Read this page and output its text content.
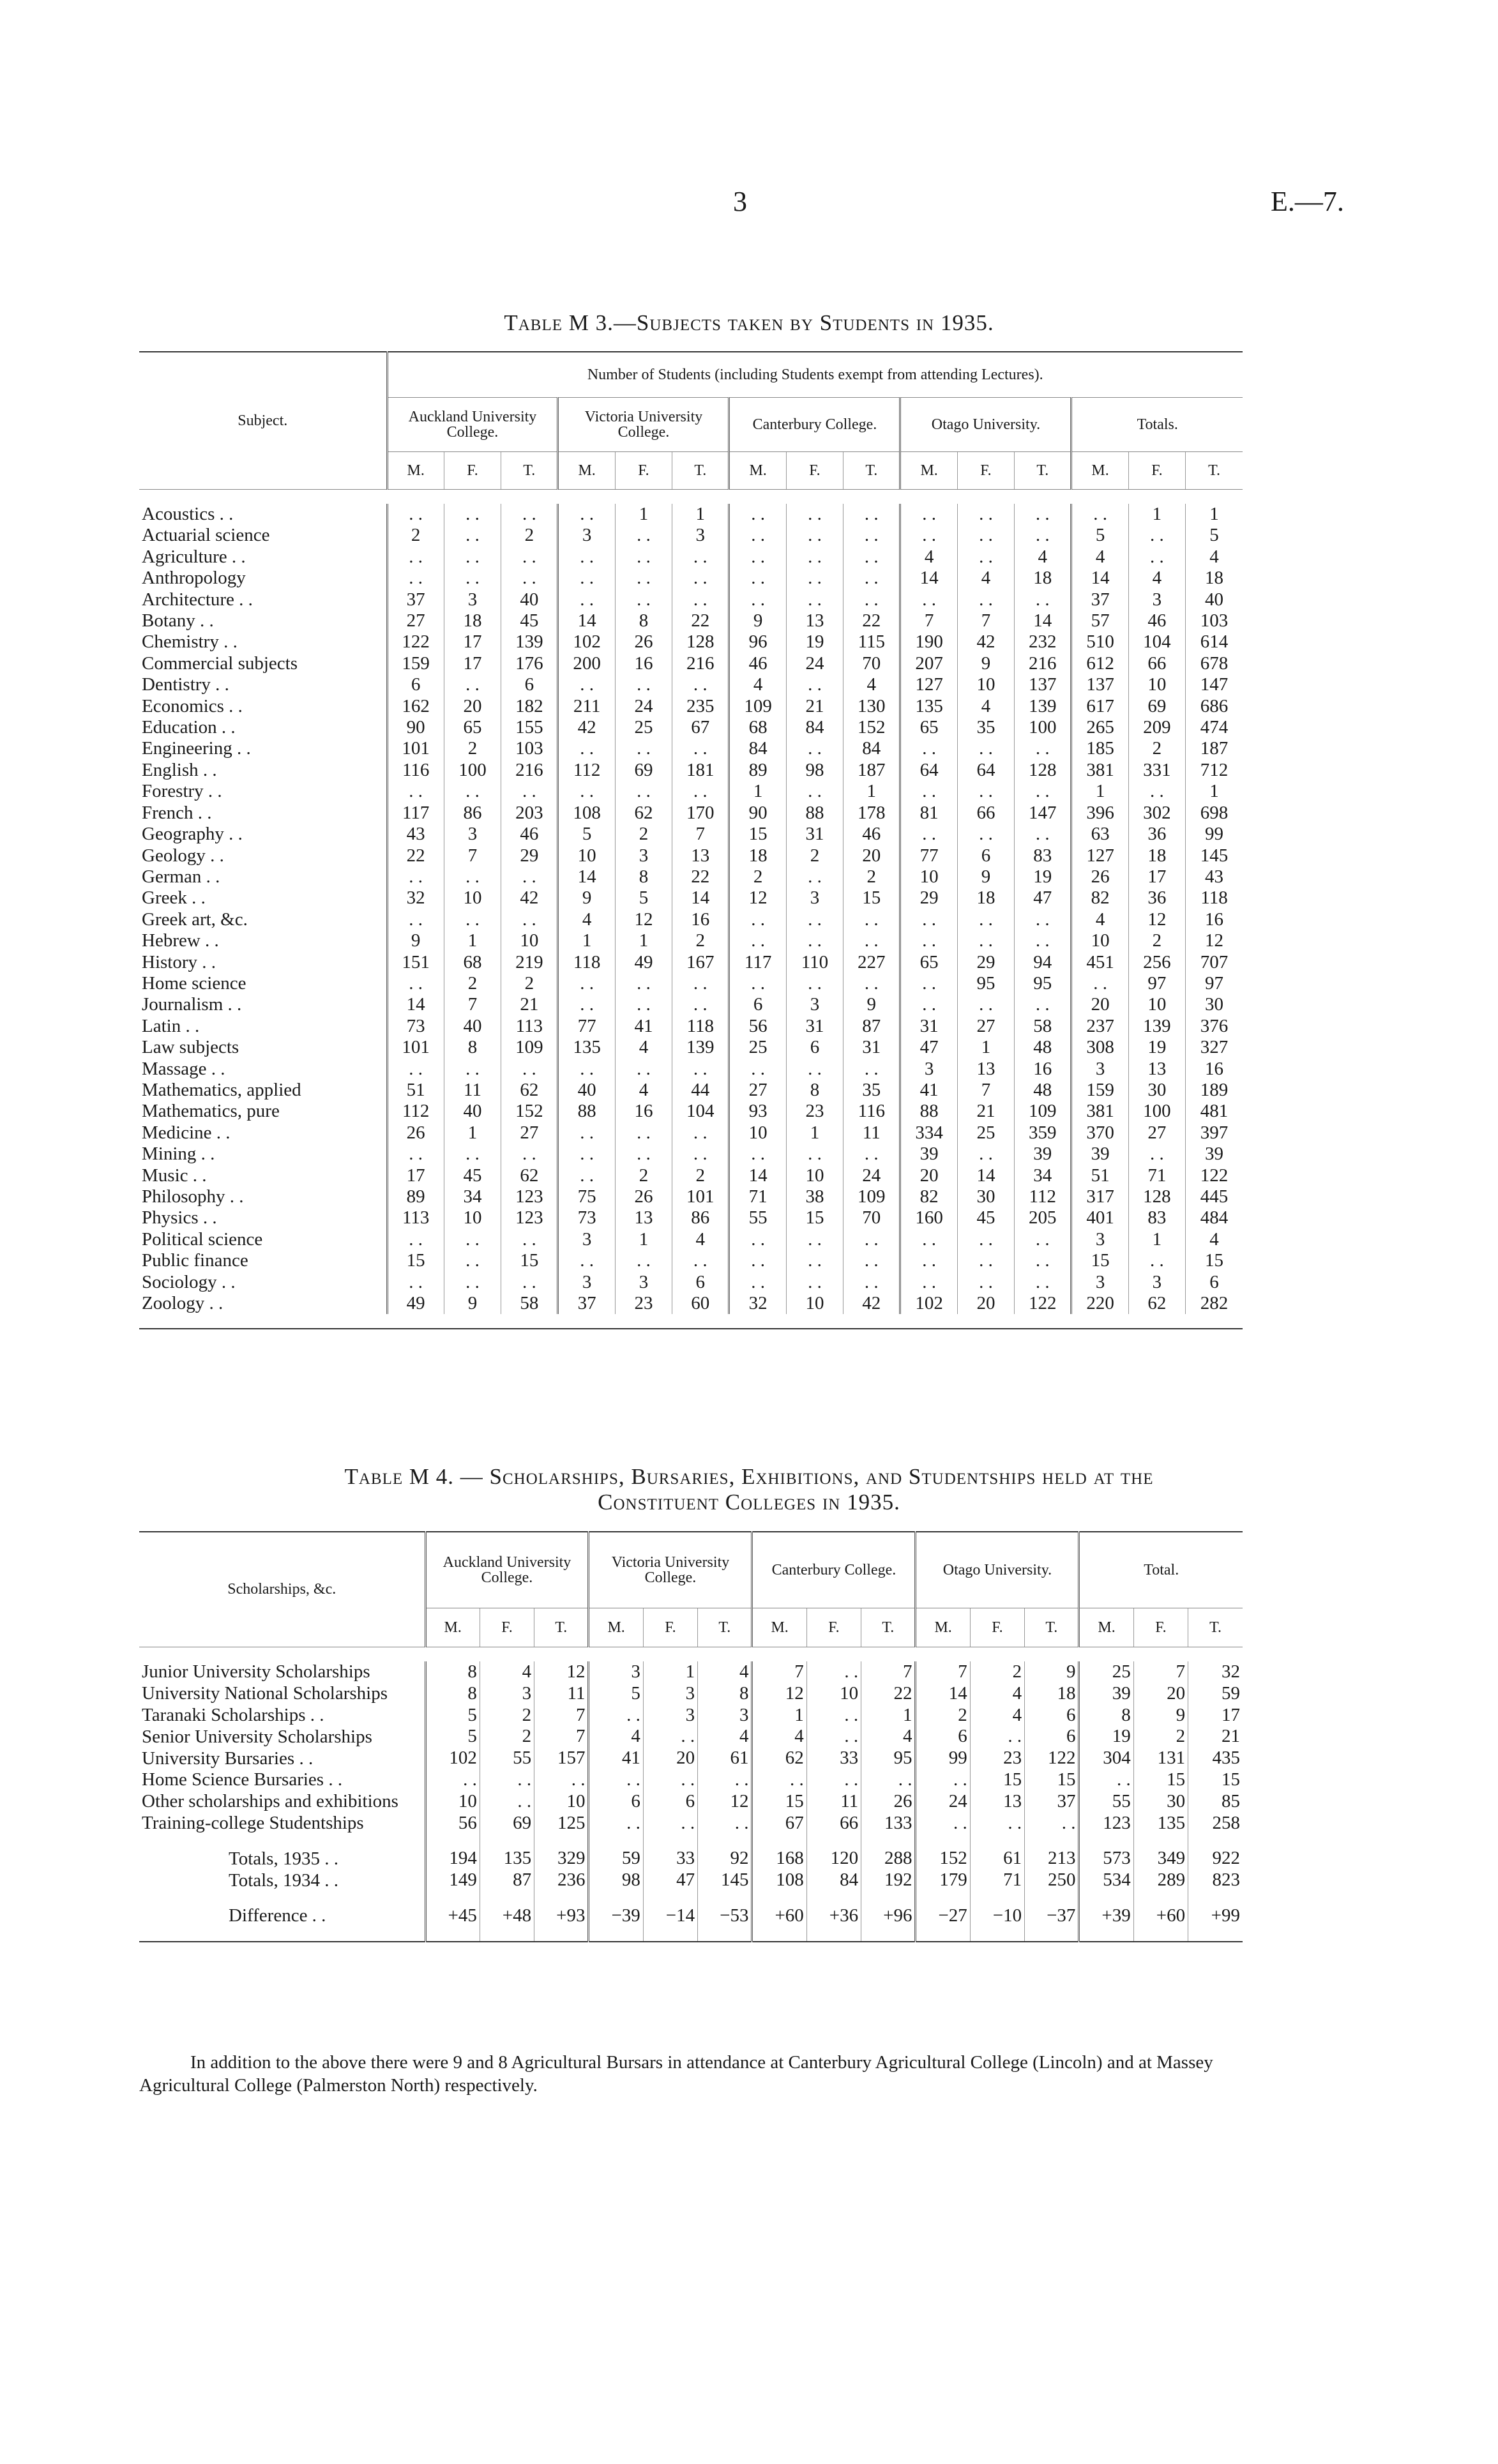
3	E.—7.
Table M 3.—Subjects taken by Students in 1935.
Subject.	Number of Students (including Students exempt from attending Lectures).														
	Auckland University College.			Victoria University College.			Canterbury College.			Otago University.			Totals.		
	M.	F.	T.	M.	F.	T.	M.	F.	T.	M.	F.	T.	M.	F.	T.

Acoustics . .	. .	. .	. .	. .	1	1	. .	. .	. .	. .	. .	. .	. .	1	1
Actuarial science	2	. .	2	3	. .	3	. .	. .	. .	. .	. .	. .	5	. .	5
Agriculture . .	. .	. .	. .	. .	. .	. .	. .	. .	. .	4	. .	4	4	. .	4
Anthropology	. .	. .	. .	. .	. .	. .	. .	. .	. .	14	4	18	14	4	18
Architecture . .	37	3	40	. .	. .	. .	. .	. .	. .	. .	. .	. .	37	3	40
Botany . .	27	18	45	14	8	22	9	13	22	7	7	14	57	46	103
Chemistry . .	122	17	139	102	26	128	96	19	115	190	42	232	510	104	614
Commercial subjects	159	17	176	200	16	216	46	24	70	207	9	216	612	66	678
Dentistry . .	6	. .	6	. .	. .	. .	4	. .	4	127	10	137	137	10	147
Economics . .	162	20	182	211	24	235	109	21	130	135	4	139	617	69	686
Education . .	90	65	155	42	25	67	68	84	152	65	35	100	265	209	474
Engineering . .	101	2	103	. .	. .	. .	84	. .	84	. .	. .	. .	185	2	187
English . .	116	100	216	112	69	181	89	98	187	64	64	128	381	331	712
Forestry . .	. .	. .	. .	. .	. .	. .	1	. .	1	. .	. .	. .	1	. .	1
French . .	117	86	203	108	62	170	90	88	178	81	66	147	396	302	698
Geography . .	43	3	46	5	2	7	15	31	46	. .	. .	. .	63	36	99
Geology . .	22	7	29	10	3	13	18	2	20	77	6	83	127	18	145
German . .	. .	. .	. .	14	8	22	2	. .	2	10	9	19	26	17	43
Greek . .	32	10	42	9	5	14	12	3	15	29	18	47	82	36	118
Greek art, &c.	. .	. .	. .	4	12	16	. .	. .	. .	. .	. .	. .	4	12	16
Hebrew . .	9	1	10	1	1	2	. .	. .	. .	. .	. .	. .	10	2	12
History . .	151	68	219	118	49	167	117	110	227	65	29	94	451	256	707
Home science	. .	2	2	. .	. .	. .	. .	. .	. .	. .	95	95	. .	97	97
Journalism . .	14	7	21	. .	. .	. .	6	3	9	. .	. .	. .	20	10	30
Latin . .	73	40	113	77	41	118	56	31	87	31	27	58	237	139	376
Law subjects	101	8	109	135	4	139	25	6	31	47	1	48	308	19	327
Massage . .	. .	. .	. .	. .	. .	. .	. .	. .	. .	3	13	16	3	13	16
Mathematics, applied	51	11	62	40	4	44	27	8	35	41	7	48	159	30	189
Mathematics, pure	112	40	152	88	16	104	93	23	116	88	21	109	381	100	481
Medicine . .	26	1	27	. .	. .	. .	10	1	11	334	25	359	370	27	397
Mining . .	. .	. .	. .	. .	. .	. .	. .	. .	. .	39	. .	39	39	. .	39
Music . .	17	45	62	. .	2	2	14	10	24	20	14	34	51	71	122
Philosophy . .	89	34	123	75	26	101	71	38	109	82	30	112	317	128	445
Physics . .	113	10	123	73	13	86	55	15	70	160	45	205	401	83	484
Political science	. .	. .	. .	3	1	4	. .	. .	. .	. .	. .	. .	3	1	4
Public finance	15	. .	15	. .	. .	. .	. .	. .	. .	. .	. .	. .	15	. .	15
Sociology . .	. .	. .	. .	3	3	6	. .	. .	. .	. .	. .	. .	3	3	6
Zoology . .	49	9	58	37	23	60	32	10	42	102	20	122	220	62	282

Table M 4. — Scholarships, Bursaries, Exhibitions, and Studentships held at the
Constituent Colleges in 1935.
Scholarships, &c.	Auckland University College.			Victoria University College.			Canterbury College.			Otago University.			Total.		
	M.	F.	T.	M.	F.	T.	M.	F.	T.	M.	F.	T.	M.	F.	T.

Junior University Scholarships	8	4	12	3	1	4	7	. .	7	7	2	9	25	7	32
University National Scholarships	8	3	11	5	3	8	12	10	22	14	4	18	39	20	59
Taranaki Scholarships . .	5	2	7	. .	3	3	1	. .	1	2	4	6	8	9	17
Senior University Scholarships	5	2	7	4	. .	4	4	. .	4	6	. .	6	19	2	21
University Bursaries . .	102	55	157	41	20	61	62	33	95	99	23	122	304	131	435
Home Science Bursaries . .	. .	. .	. .	. .	. .	. .	. .	. .	. .	. .	15	15	. .	15	15
Other scholarships and exhibitions	10	. .	10	6	6	12	15	11	26	24	13	37	55	30	85
Training-college Studentships	56	69	125	. .	. .	. .	67	66	133	. .	. .	. .	123	135	258

Totals, 1935 . .	194	135	329	59	33	92	168	120	288	152	61	213	573	349	922
Totals, 1934 . .	149	87	236	98	47	145	108	84	192	179	71	250	534	289	823

Difference . .	+45	+48	+93	−39	−14	−53	+60	+36	+96	−27	−10	−37	+39	+60	+99

In addition to the above there were 9 and 8 Agricultural Bursars in attendance at Canterbury Agricultural College (Lincoln) and at Massey Agricultural College (Palmerston North) respectively.
